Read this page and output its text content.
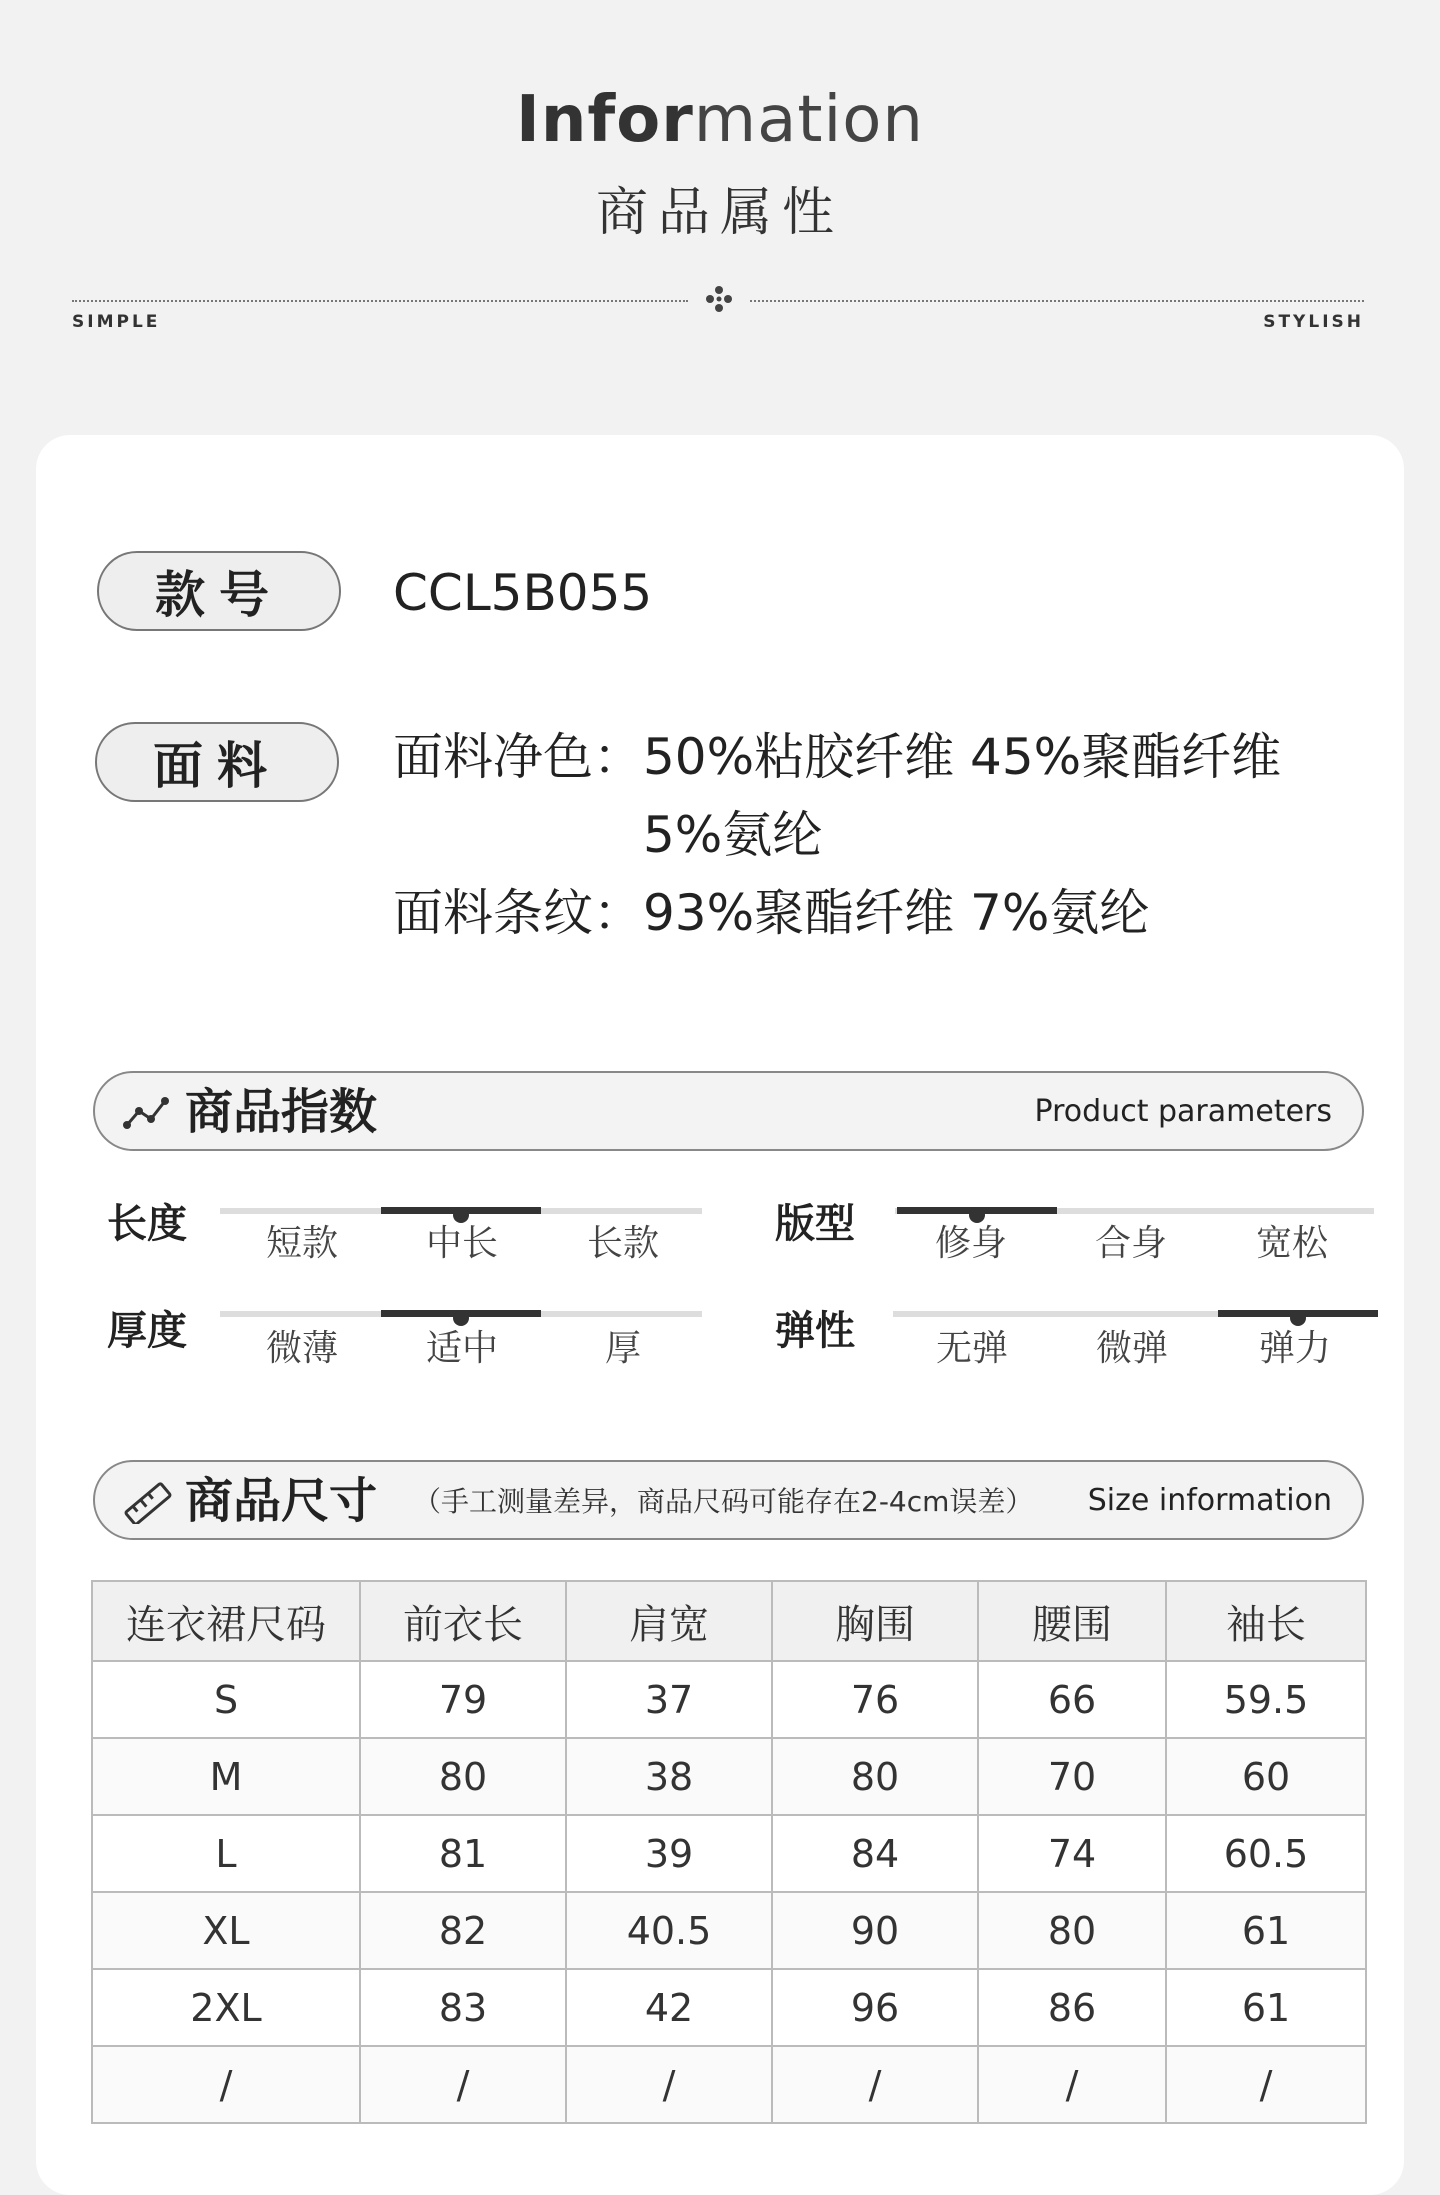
Information
商品属性
SIMPLE	STYLISH
款号	CCL5B055
面料	面料净色：50%粘胶纤维 45%聚酯纤维
5%氨纶
面料条纹：93%聚酯纤维 7%氨纶
商品指数	Product parameters
长度	短款	中长	长款	版型	修身	合身	宽松
厚度	微薄	适中	厚	弹性	无弹	微弹	弹力
商品尺寸 （手工测量差异，商品尺码可能存在2-4cm误差） Size information
连衣裙尺码	前衣长	肩宽	胸围	腰围	袖长
S	79	37	76	66	59.5
M	80	38	80	70	60
L	81	39	84	74	60.5
XL	82	40.5	90	80	61
2XL	83	42	96	86	61
/	/	/	/	/	/
